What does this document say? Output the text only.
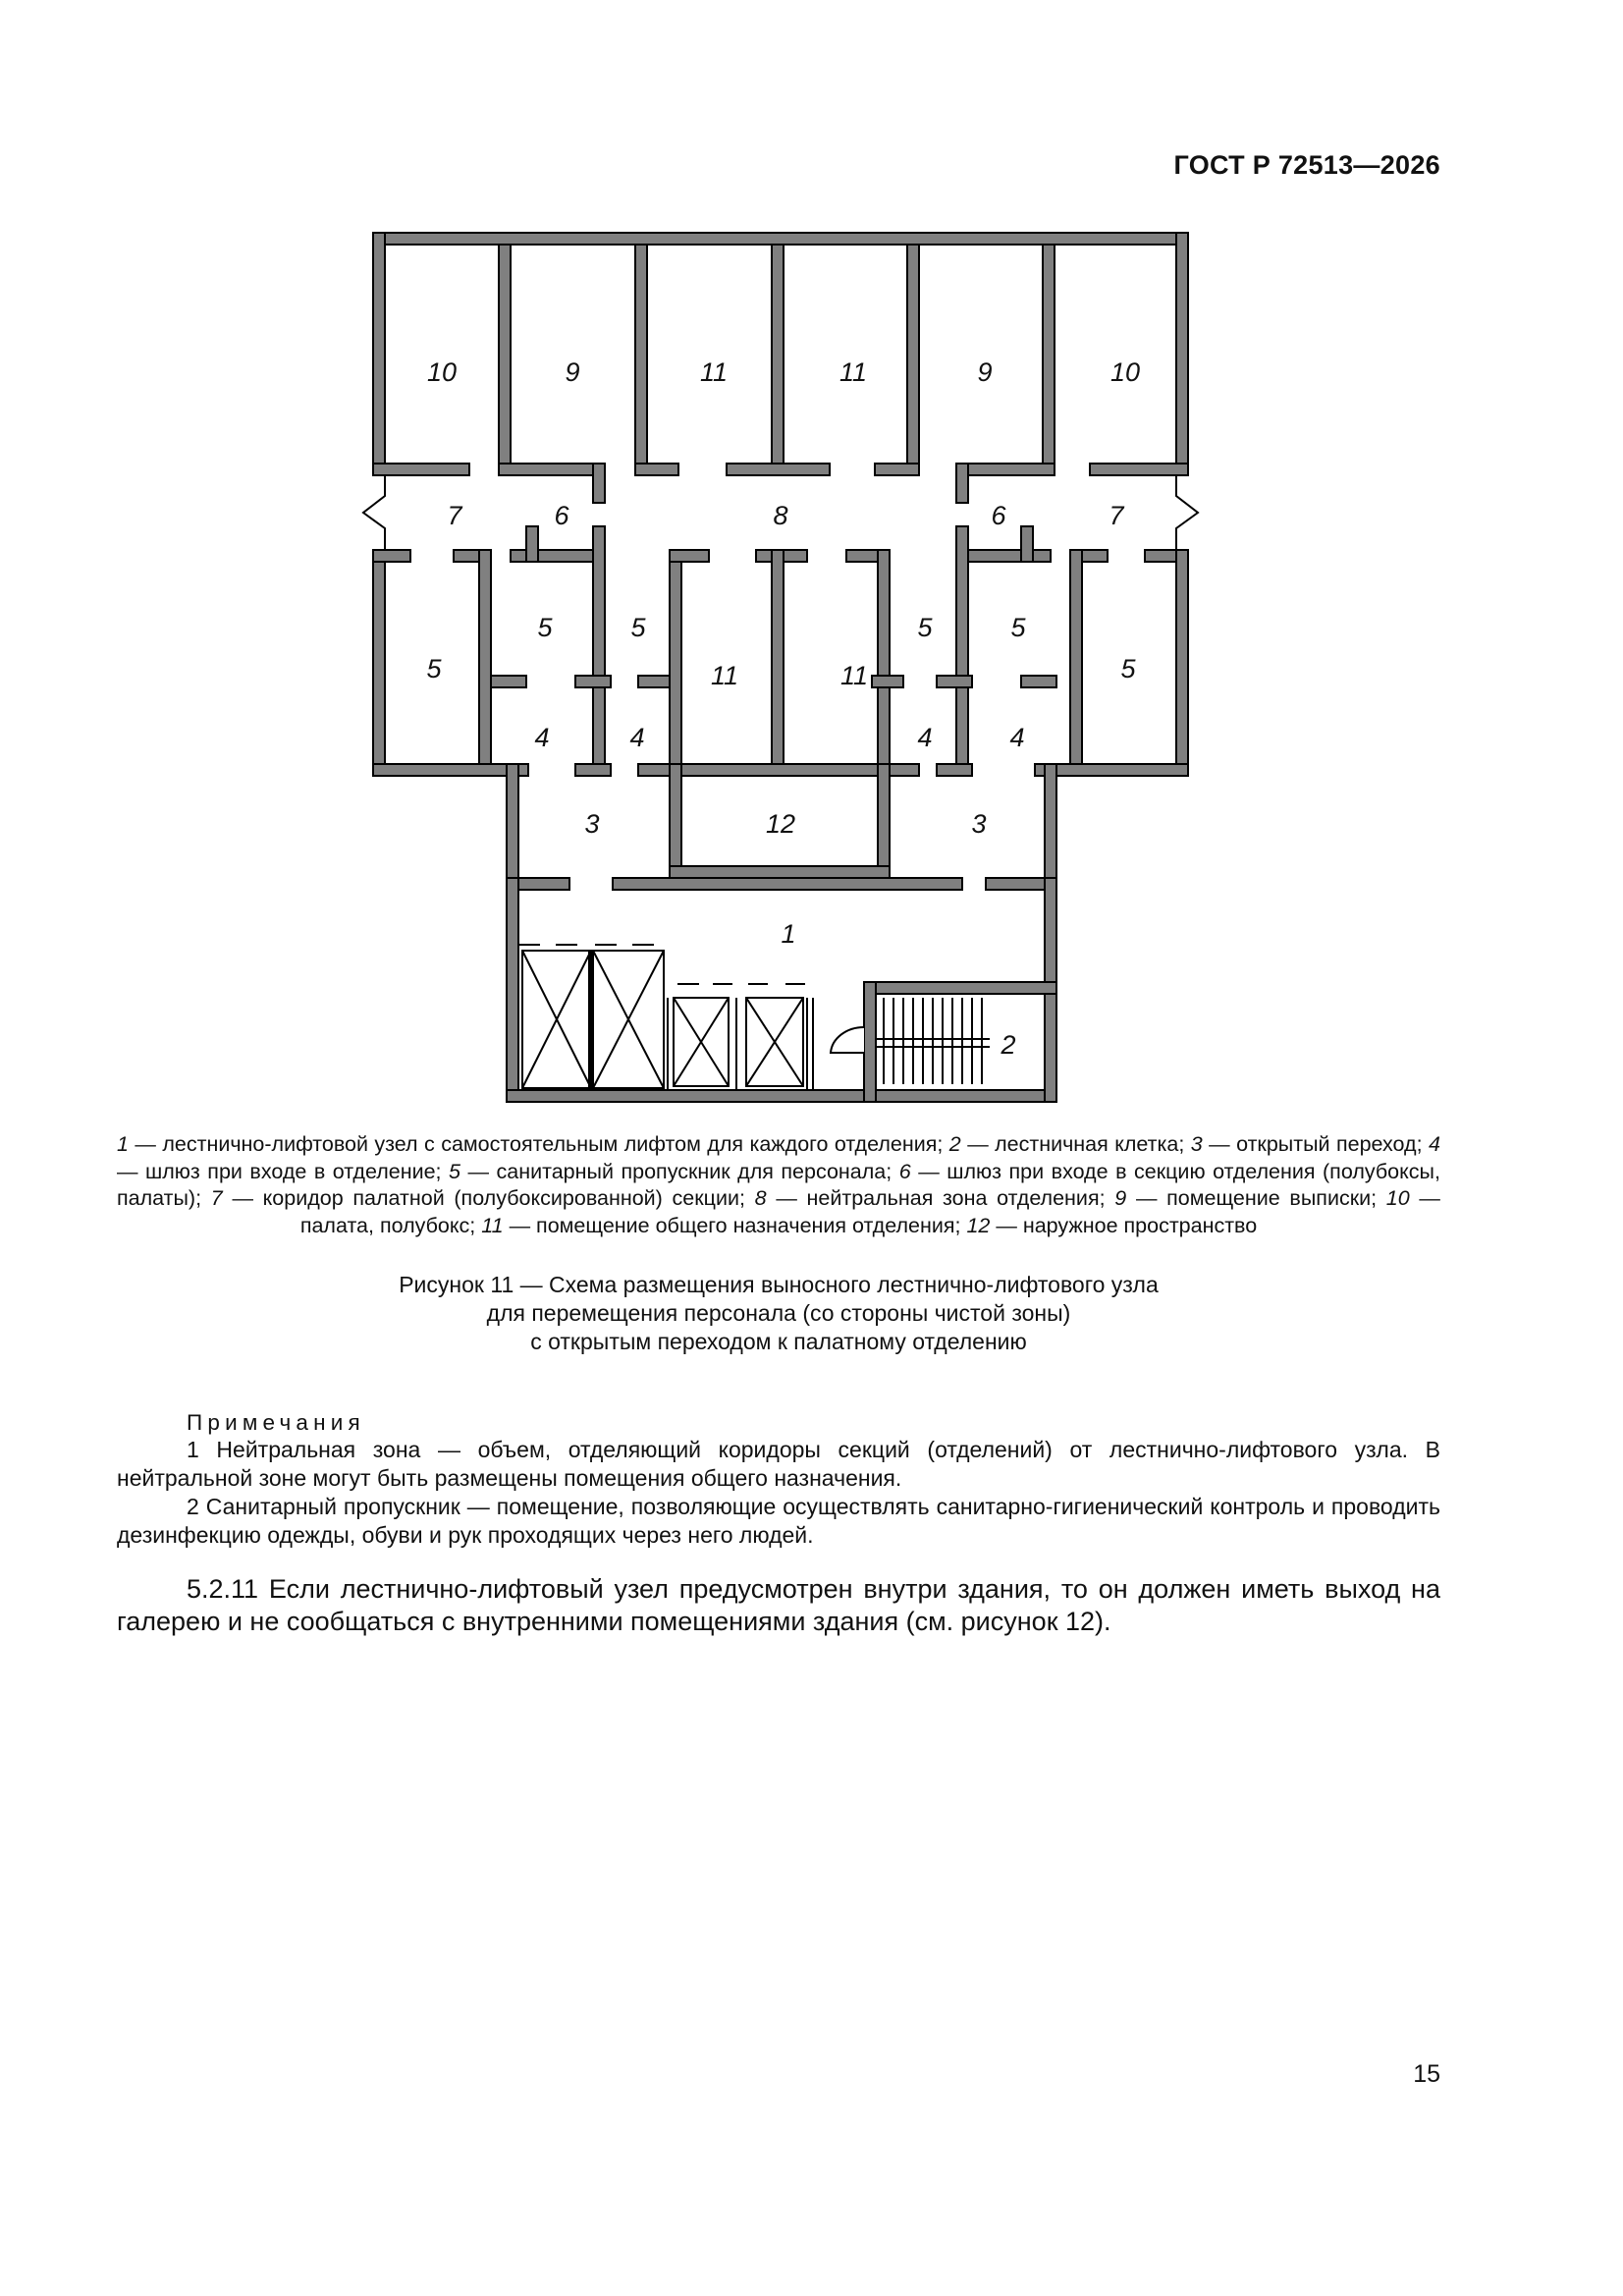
ГОСТ Р 72513—2026
10	9	11	11	9	10
7	6	8	6	7
5
5	5	5	5
5
11	11
4	4	4	4
3	12	3
1
2
1 — лестнично-лифтовой узел с самостоятельным лифтом для каждого отделения; 2 — лестничная клетка; 3 — открытый переход; 4 — шлюз при входе в отделение; 5 — санитарный пропускник для персонала; 6 — шлюз при входе в секцию отделения (полубоксы, палаты); 7 — коридор палатной (полубоксированной) секции; 8 — нейтральная зона отделения; 9 — помещение выписки; 10 — палата, полубокс; 11 — помещение общего назначения отделения; 12 — наружное пространство
Рисунок 11 — Схема размещения выносного лестнично-лифтового узла
для перемещения персонала (со стороны чистой зоны)
с открытым переходом к палатному отделению
Примечания
1 Нейтральная зона — объем, отделяющий коридоры секций (отделений) от лестнично-лифтового узла. В нейтральной зоне могут быть размещены помещения общего назначения.
2 Санитарный пропускник — помещение, позволяющие осуществлять санитарно-гигиенический контроль и проводить дезинфекцию одежды, обуви и рук проходящих через него людей.
5.2.11 Если лестнично-лифтовый узел предусмотрен внутри здания, то он должен иметь выход на галерею и не сообщаться с внутренними помещениями здания (см. рисунок 12).
15
